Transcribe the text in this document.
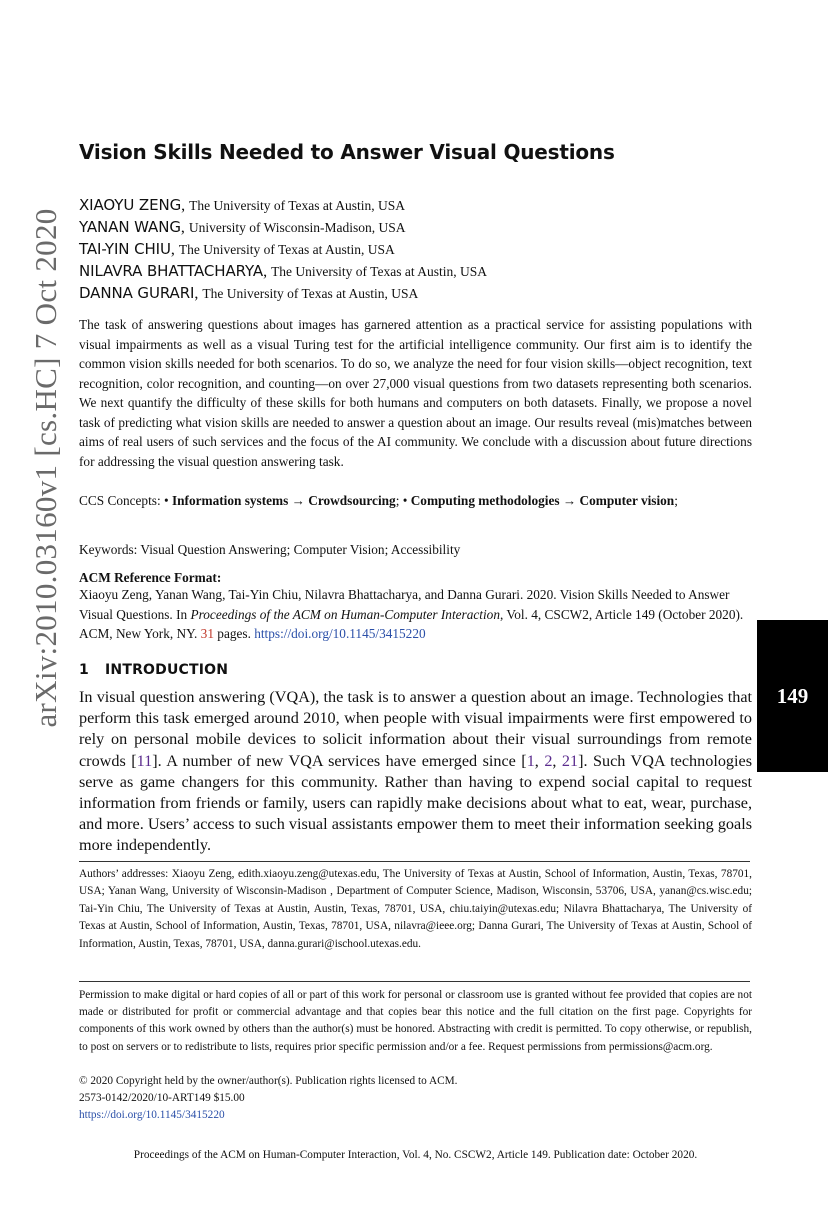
arXiv:2010.03160v1 [cs.HC] 7 Oct 2020	149
Vision Skills Needed to Answer Visual Questions
XIAOYU ZENG, The University of Texas at Austin, USA
YANAN WANG, University of Wisconsin-Madison, USA
TAI-YIN CHIU, The University of Texas at Austin, USA
NILAVRA BHATTACHARYA, The University of Texas at Austin, USA
DANNA GURARI, The University of Texas at Austin, USA

The task of answering questions about images has garnered attention as a practical service for assisting populations with visual impairments as well as a visual Turing test for the artificial intelligence community. Our first aim is to identify the common vision skills needed for both scenarios. To do so, we analyze the need for four vision skills—object recognition, text recognition, color recognition, and counting—on over 27,000 visual questions from two datasets representing both scenarios. We next quantify the difficulty of these skills for both humans and computers on both datasets. Finally, we propose a novel task of predicting what vision skills are needed to answer a question about an image. Our results reveal (mis)matches between aims of real users of such services and the focus of the AI community. We conclude with a discussion about future directions for addressing the visual question answering task.

CCS Concepts: • Information systems → Crowdsourcing; • Computing methodologies → Computer vision;

Keywords: Visual Question Answering; Computer Vision; Accessibility

ACM Reference Format:

Xiaoyu Zeng, Yanan Wang, Tai-Yin Chiu, Nilavra Bhattacharya, and Danna Gurari. 2020. Vision Skills Needed to Answer Visual Questions. In Proceedings of the ACM on Human-Computer Interaction, Vol. 4, CSCW2, Article 149 (October 2020). ACM, New York, NY. 31 pages. https://doi.org/10.1145/3415220

1 INTRODUCTION

In visual question answering (VQA), the task is to answer a question about an image. Technologies that perform this task emerged around 2010, when people with visual impairments were first empowered to rely on personal mobile devices to solicit information about their visual surroundings from remote crowds [11]. A number of new VQA services have emerged since [1, 2, 21]. Such VQA technologies serve as game changers for this community. Rather than having to expend social capital to request information from friends or family, users can rapidly make decisions about what to eat, wear, purchase, and more. Users’ access to such visual assistants empower them to meet their information seeking goals more independently.

Authors’ addresses: Xiaoyu Zeng, edith.xiaoyu.zeng@utexas.edu, The University of Texas at Austin, School of Information, Austin, Texas, 78701, USA; Yanan Wang, University of Wisconsin-Madison , Department of Computer Science, Madison, Wisconsin, 53706, USA, yanan@cs.wisc.edu; Tai-Yin Chiu, The University of Texas at Austin, Austin, Texas, 78701, USA, chiu.taiyin@utexas.edu; Nilavra Bhattacharya, The University of Texas at Austin, School of Information, Austin, Texas, 78701, USA, nilavra@ieee.org; Danna Gurari, The University of Texas at Austin, School of Information, Austin, Texas, 78701, USA, danna.gurari@ischool.utexas.edu.

Permission to make digital or hard copies of all or part of this work for personal or classroom use is granted without fee provided that copies are not made or distributed for profit or commercial advantage and that copies bear this notice and the full citation on the first page. Copyrights for components of this work owned by others than the author(s) must be honored. Abstracting with credit is permitted. To copy otherwise, or republish, to post on servers or to redistribute to lists, requires prior specific permission and/or a fee. Request permissions from permissions@acm.org.

© 2020 Copyright held by the owner/author(s). Publication rights licensed to ACM.
2573-0142/2020/10-ART149 $15.00
https://doi.org/10.1145/3415220
Proceedings of the ACM on Human-Computer Interaction, Vol. 4, No. CSCW2, Article 149. Publication date: October 2020.
